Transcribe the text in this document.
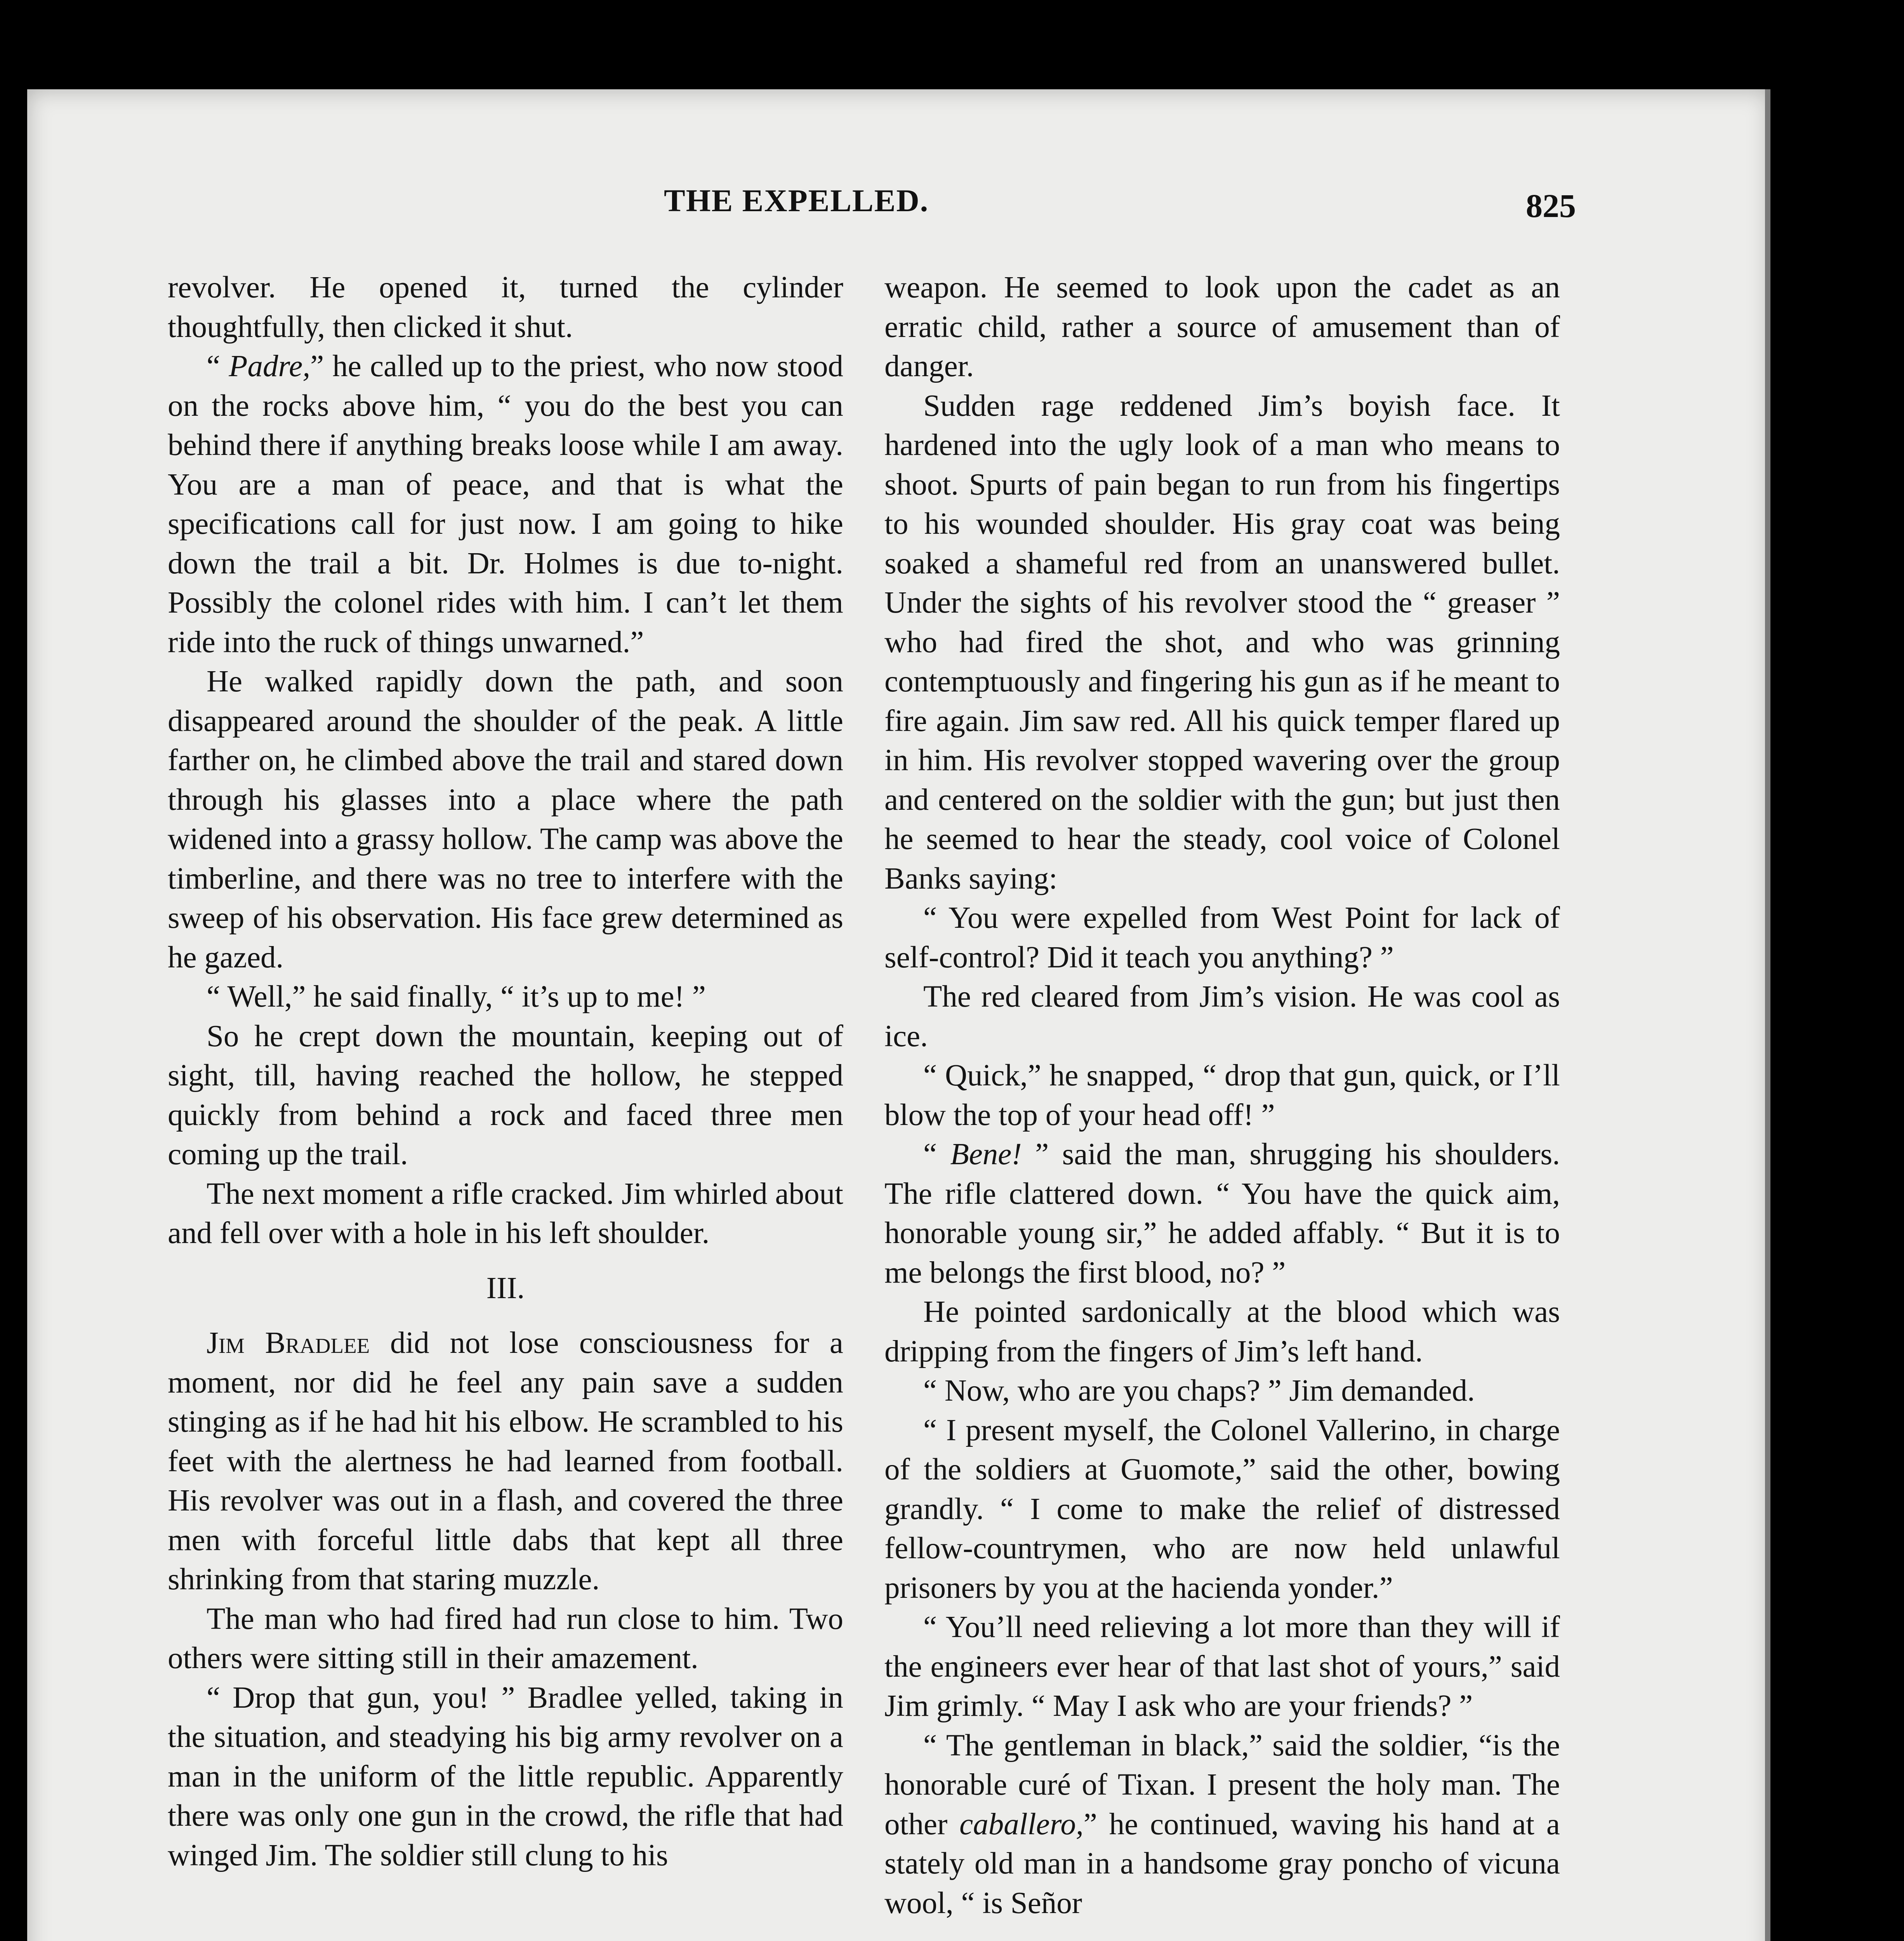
THE EXPELLED.	825

revolver. He opened it, turned the cylinder thoughtfully, then clicked it shut.

“ Padre,” he called up to the priest, who now stood on the rocks above him, “ you do the best you can behind there if anything breaks loose while I am away. You are a man of peace, and that is what the specifications call for just now. I am going to hike down the trail a bit. Dr. Holmes is due to-night. Possibly the colonel rides with him. I can’t let them ride into the ruck of things unwarned.”

He walked rapidly down the path, and soon disappeared around the shoulder of the peak. A little farther on, he climbed above the trail and stared down through his glasses into a place where the path widened into a grassy hollow. The camp was above the timberline, and there was no tree to interfere with the sweep of his observation. His face grew determined as he gazed.

“ Well,” he said finally, “ it’s up to me! ”

So he crept down the mountain, keeping out of sight, till, having reached the hollow, he stepped quickly from behind a rock and faced three men coming up the trail.

The next moment a rifle cracked. Jim whirled about and fell over with a hole in his left shoulder.

III.

Jim Bradlee did not lose consciousness for a moment, nor did he feel any pain save a sudden stinging as if he had hit his elbow. He scrambled to his feet with the alertness he had learned from football. His revolver was out in a flash, and covered the three men with forceful little dabs that kept all three shrinking from that staring muzzle.

The man who had fired had run close to him. Two others were sitting still in their amazement.

“ Drop that gun, you! ” Bradlee yelled, taking in the situation, and steadying his big army revolver on a man in the uniform of the little republic. Apparently there was only one gun in the crowd, the rifle that had winged Jim. The soldier still clung to his

weapon. He seemed to look upon the cadet as an erratic child, rather a source of amusement than of danger.

Sudden rage reddened Jim’s boyish face. It hardened into the ugly look of a man who means to shoot. Spurts of pain began to run from his fingertips to his wounded shoulder. His gray coat was being soaked a shameful red from an unanswered bullet. Under the sights of his revolver stood the “ greaser ” who had fired the shot, and who was grinning contemptuously and fingering his gun as if he meant to fire again. Jim saw red. All his quick temper flared up in him. His revolver stopped wavering over the group and centered on the soldier with the gun; but just then he seemed to hear the steady, cool voice of Colonel Banks saying:

“ You were expelled from West Point for lack of self-control? Did it teach you anything? ”

The red cleared from Jim’s vision. He was cool as ice.

“ Quick,” he snapped, “ drop that gun, quick, or I’ll blow the top of your head off! ”

“ Bene! ” said the man, shrugging his shoulders. The rifle clattered down. “ You have the quick aim, honorable young sir,” he added affably. “ But it is to me belongs the first blood, no? ”

He pointed sardonically at the blood which was dripping from the fingers of Jim’s left hand.

“ Now, who are you chaps? ” Jim demanded.

“ I present myself, the Colonel Vallerino, in charge of the soldiers at Guomote,” said the other, bowing grandly. “ I come to make the relief of distressed fellow-countrymen, who are now held unlawful prisoners by you at the hacienda yonder.”

“ You’ll need relieving a lot more than they will if the engineers ever hear of that last shot of yours,” said Jim grimly. “ May I ask who are your friends? ”

“ The gentleman in black,” said the soldier, “is the honorable curé of Tixan. I present the holy man. The other caballero,” he continued, waving his hand at a stately old man in a handsome gray poncho of vicuna wool, “ is Señor
